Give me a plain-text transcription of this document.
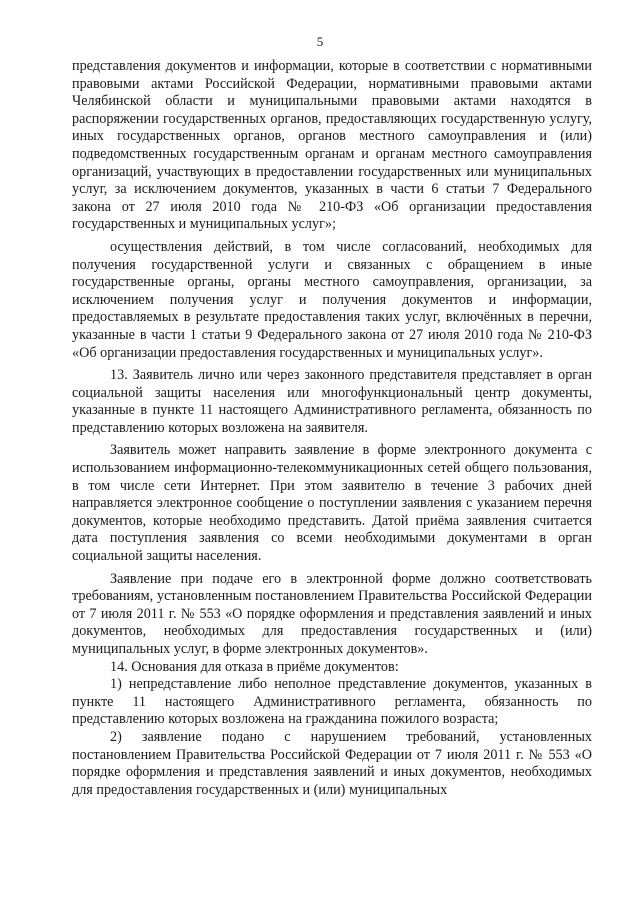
5

представления документов и информации, которые в соответствии с нормативными правовыми актами Российской Федерации, нормативными правовыми актами Челябинской области и муниципальными правовыми актами находятся в распоряжении государственных органов, предоставляющих государственную услугу, иных государственных органов, органов местного самоуправления и (или) подведомственных государственным органам и органам местного самоуправления организаций, участвующих в предоставлении государственных или муниципальных услуг, за исключением документов, указанных в части 6 статьи 7 Федерального закона от 27 июля 2010 года № 210-ФЗ «Об организации предоставления государственных и муниципальных услуг»;

осуществления действий, в том числе согласований, необходимых для получения государственной услуги и связанных с обращением в иные государственные органы, органы местного самоуправления, организации, за исключением получения услуг и получения документов и информации, предоставляемых в результате предоставления таких услуг, включённых в перечни, указанные в части 1 статьи 9 Федерального закона от 27 июля 2010 года № 210-ФЗ «Об организации предоставления государственных и муниципальных услуг».

13. Заявитель лично или через законного представителя представляет в орган социальной защиты населения или многофункциональный центр документы, указанные в пункте 11 настоящего Административного регламента, обязанность по представлению которых возложена на заявителя.

Заявитель может направить заявление в форме электронного документа с использованием информационно-телекоммуникационных сетей общего пользования, в том числе сети Интернет. При этом заявителю в течение 3 рабочих дней направляется электронное сообщение о поступлении заявления с указанием перечня документов, которые необходимо представить. Датой приёма заявления считается дата поступления заявления со всеми необходимыми документами в орган социальной защиты населения.

Заявление при подаче его в электронной форме должно соответствовать требованиям, установленным постановлением Правительства Российской Федерации от 7 июля 2011 г. № 553 «О порядке оформления и представления заявлений и иных документов, необходимых для предоставления государственных и (или) муниципальных услуг, в форме электронных документов».

14. Основания для отказа в приёме документов:

1) непредставление либо неполное представление документов, указанных в пункте 11 настоящего Административного регламента, обязанность по представлению которых возложена на гражданина пожилого возраста;

2) заявление подано с нарушением требований, установленных постановлением Правительства Российской Федерации от 7 июля 2011 г. № 553 «О порядке оформления и представления заявлений и иных документов, необходимых для предоставления государственных и (или) муниципальных
